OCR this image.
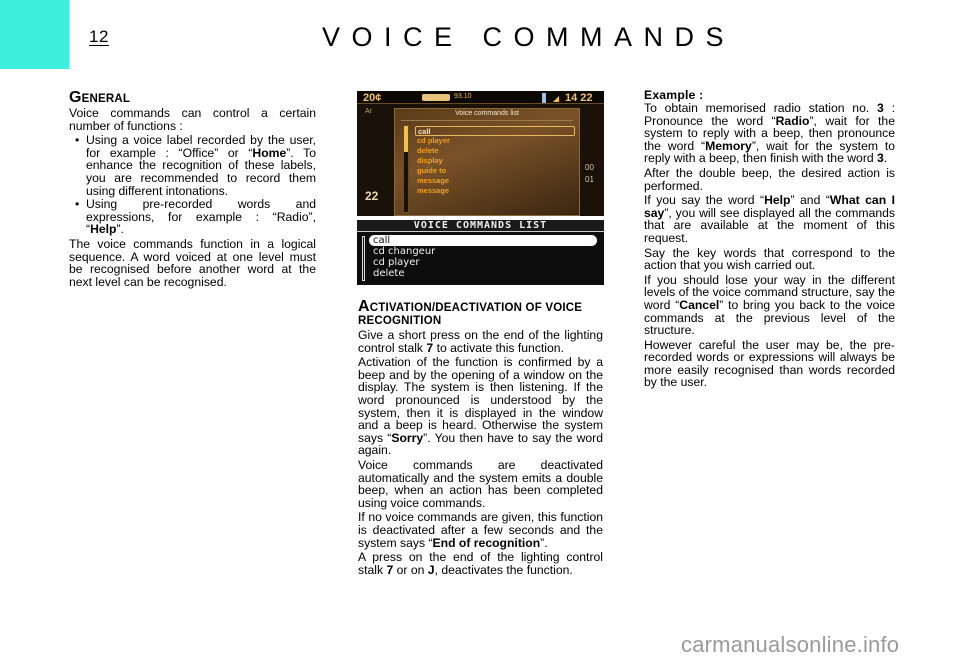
12	VOICE COMMANDS
GENERAL

Voice commands can control a certain number of functions :

• Using a voice label recorded by the user, for example : “Office” or “Home”. To enhance the recognition of these labels, you are recommended to record them using different intonations.
• Using pre-recorded words and expressions, for example : “Radio”, “Help”.

The voice commands function in a logical sequence. A word voiced at one level must be recognised before another word at the next level can be recognised.

20¢	93.10	14 22
Ar
22
00
01
Voice commands list
call
cd player
delete
display
guide to
message
message
VOICE COMMANDS LIST
call
cd changeur
cd player
delete
ACTIVATION/DEACTIVATION OF VOICE
RECOGNITION

Give a short press on the end of the lighting control stalk 7 to activate this function.

Activation of the function is confirmed by a beep and by the opening of a window on the display. The system is then listening. If the word pronounced is understood by the system, then it is displayed in the window and a beep is heard. Otherwise the system says “Sorry”. You then have to say the word again.

Voice commands are deactivated automatically and the system emits a double beep, when an action has been completed using voice commands.

If no voice commands are given, this function is deactivated after a few seconds and the system says “End of recognition”.

A press on the end of the lighting control stalk 7 or on J, deactivates the function.

Example :

To obtain memorised radio station no. 3 : Pronounce the word “Radio”, wait for the system to reply with a beep, then pronounce the word “Memory”, wait for the system to reply with a beep, then finish with the word 3.

After the double beep, the desired action is performed.

If you say the word “Help” and “What can I say”, you will see displayed all the commands that are available at the moment of this request.

Say the key words that correspond to the action that you wish carried out.

If you should lose your way in the different levels of the voice command structure, say the word “Cancel” to bring you back to the voice commands at the previous level of the structure.

However careful the user may be, the pre-recorded words or expressions will always be more easily recognised than words recorded by the user.

carmanualsonline.info
